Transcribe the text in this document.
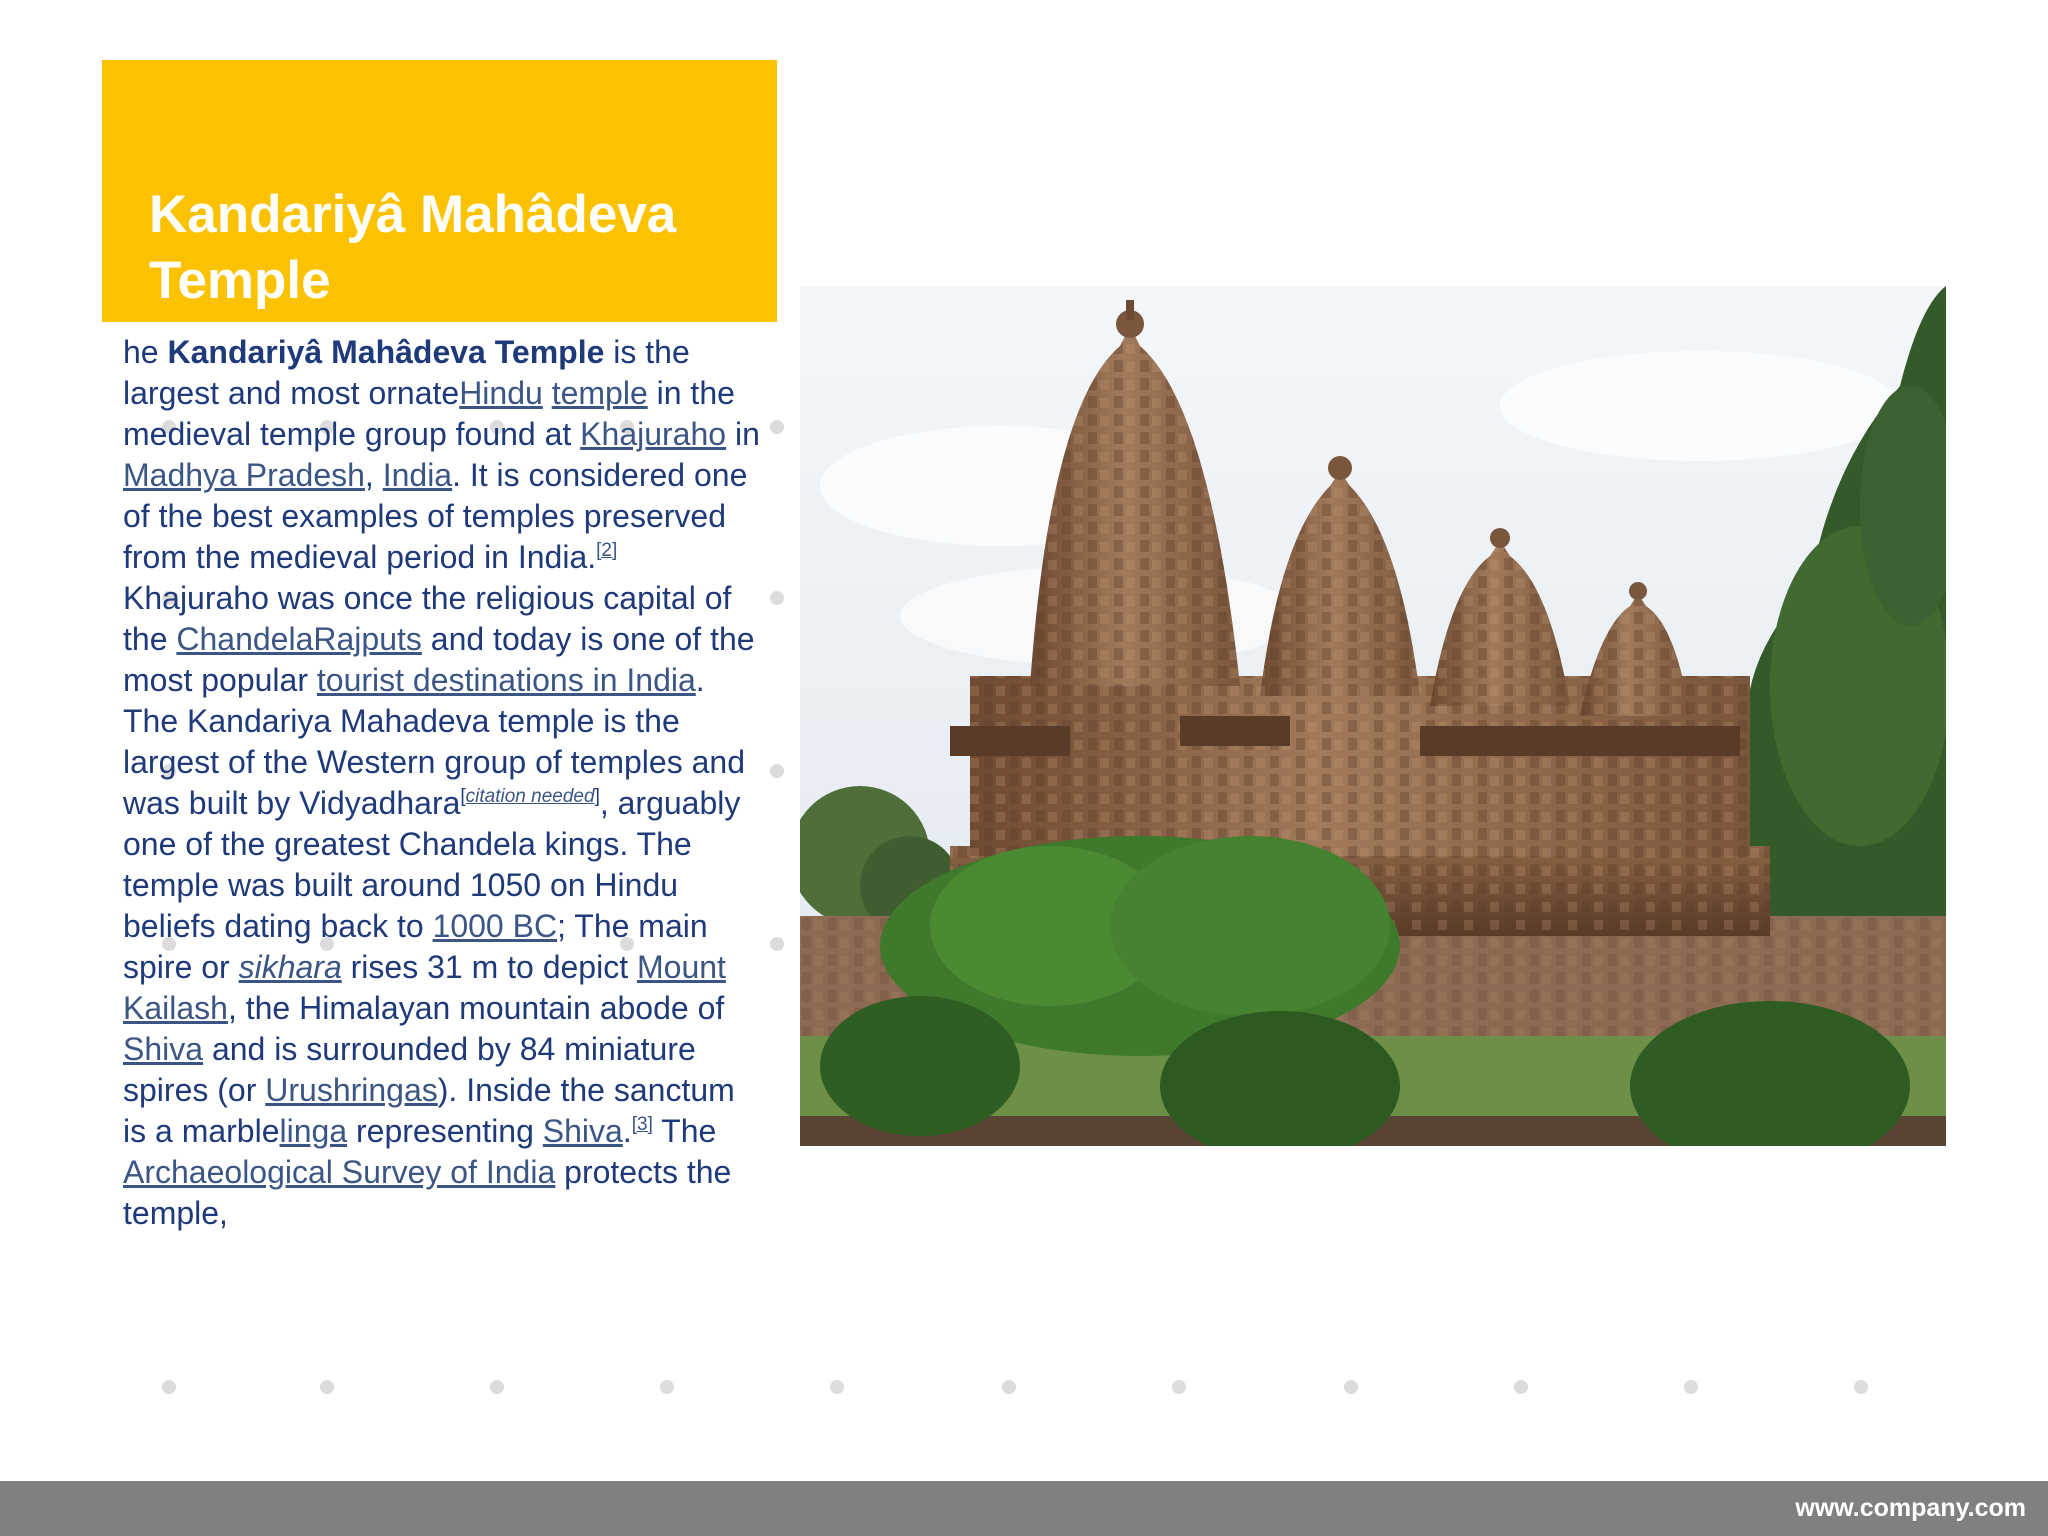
Kandariyâ Mahâdeva Temple

he Kandariyâ Mahâdeva Temple is the largest and most ornateHindu temple in the medieval temple group found at Khajuraho in Madhya Pradesh, India. It is considered one of the best examples of temples preserved from the medieval period in India.[2] Khajuraho was once the religious capital of the ChandelaRajputs and today is one of the most popular tourist destinations in India. The Kandariya Mahadeva temple is the largest of the Western group of temples and was built by Vidyadhara[citation needed], arguably one of the greatest Chandela kings. The temple was built around 1050 on Hindu beliefs dating back to 1000 BC; The main spire or sikhara rises 31 m to depict Mount Kailash, the Himalayan mountain abode of Shiva and is surrounded by 84 miniature spires (or Urushringas). Inside the sanctum is a marblelinga representing Shiva.[3] The Archaeological Survey of India protects the temple,

www.company.com
